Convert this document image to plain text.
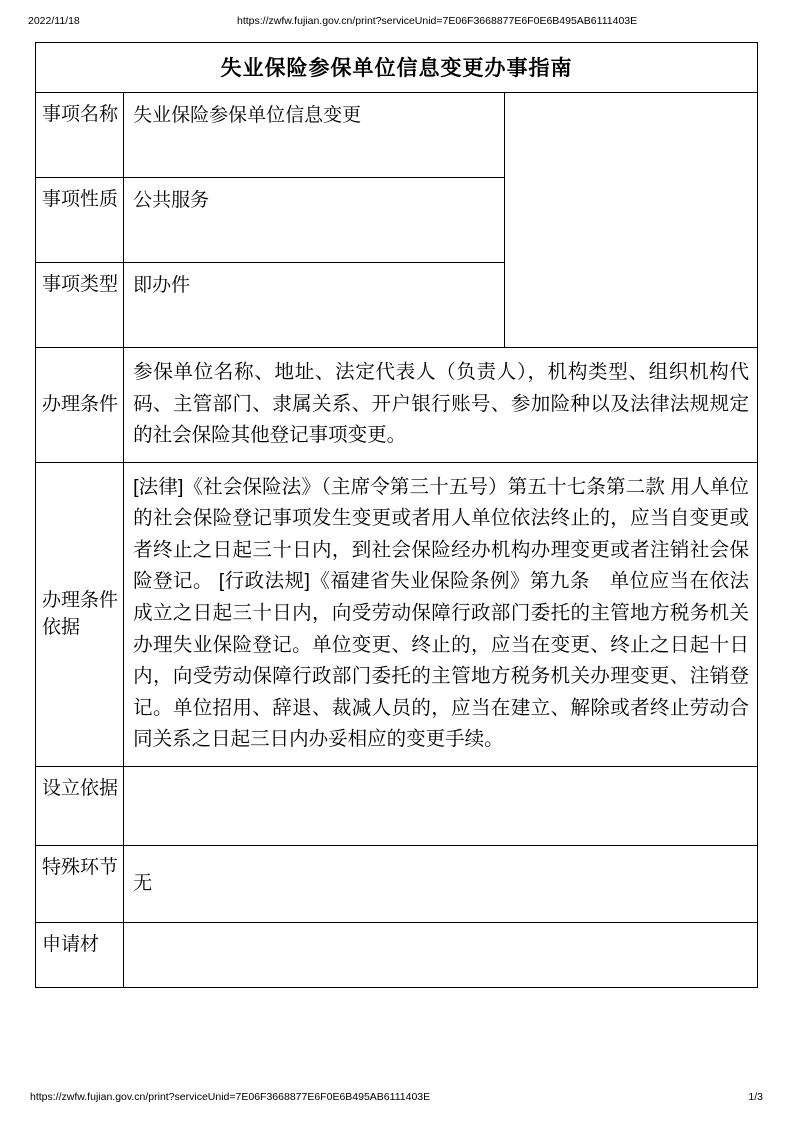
2022/11/18	https://zwfw.fujian.gov.cn/print?serviceUnid=7E06F3668877E6F0E6B495AB6111403E
失业保险参保单位信息变更办事指南		
事项名称	失业保险参保单位信息变更	
事项性质	公共服务	
事项类型	即办件	
办理条件	参保单位名称、地址、法定代表人（负责人），机构类型、组织机构代码、主管部门、隶属关系、开户银行账号、参加险种以及法律法规规定的社会保险其他登记事项变更。	
办理条件依据	[法律]《社会保险法》（主席令第三十五号）第五十七条第二款 用人单位的社会保险登记事项发生变更或者用人单位依法终止的，应当自变更或者终止之日起三十日内，到社会保险经办机构办理变更或者注销社会保险登记。 [行政法规]《福建省失业保险条例》第九条　单位应当在依法成立之日起三十日内，向受劳动保障行政部门委托的主管地方税务机关办理失业保险登记。单位变更、终止的，应当在变更、终止之日起十日内，向受劳动保障行政部门委托的主管地方税务机关办理变更、注销登记。单位招用、辞退、裁减人员的，应当在建立、解除或者终止劳动合同关系之日起三日内办妥相应的变更手续。	
设立依据		
特殊环节	无	
申请材		
https://zwfw.fujian.gov.cn/print?serviceUnid=7E06F3668877E6F0E6B495AB6111403E	1/3
